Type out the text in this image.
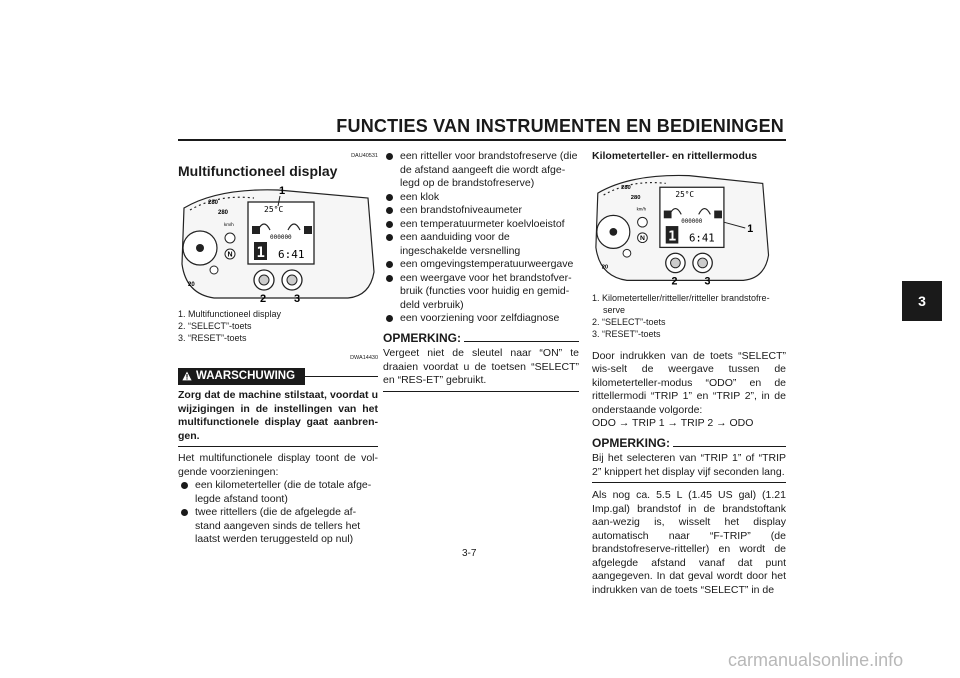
FUNCTIES VAN INSTRUMENTEN EN BEDIENINGEN
3
DAU40531
Multifunctioneel display
280
280
20
km/h
N
25°C
000000
1 6:41
1
2	3
1. Multifunctioneel display
2. “SELECT”-toets
3. “RESET”-toets
DWA14430
WAARSCHUWING

Zorg dat de machine stilstaat, voordat u wijzigingen in de instellingen van het multifunctionele display gaat aanbren-gen.

Het multifunctionele display toont de vol-gende voorzieningen:

een kilometerteller (die de totale afge-legde afstand toont)
twee rittellers (die de afgelegde af-stand aangeven sinds de tellers het laatst werden teruggesteld op nul)
een ritteller voor brandstofreserve (die de afstand aangeeft die wordt afge-legd op de brandstofreserve)
een klok
een brandstofniveaumeter
een temperatuurmeter koelvloeistof
een aanduiding voor de ingeschakelde versnelling
een omgevingstemperatuurweergave
een weergave voor het brandstofver-bruik (functies voor huidig en gemid-deld verbruik)
een voorziening voor zelfdiagnose
OPMERKING:

Vergeet niet de sleutel naar “ON” te draaien voordat u de toetsen “SELECT” en “RES-ET” gebruikt.

Kilometerteller- en rittellermodus
280
280
20
km/h
N
25°C
000000
1 6:41
1
2 3
1. Kilometerteller/ritteller/ritteller brandstofre-serve
2. “SELECT”-toets
3. “RESET”-toets

Door indrukken van de toets “SELECT” wis-selt de weergave tussen de kilometerteller-modus “ODO” en de rittellermodi “TRIP 1” en “TRIP 2”, in de onderstaande volgorde:

ODO → TRIP 1 → TRIP 2 → ODO

OPMERKING:

Bij het selecteren van “TRIP 1” of “TRIP 2” knippert het display vijf seconden lang.

Als nog ca. 5.5 L (1.45 US gal) (1.21 Imp.gal) brandstof in de brandstoftank aan-wezig is, wisselt het display automatisch naar “F-TRIP” (de brandstofreserve-ritteller) en wordt de afgelegde afstand vanaf dat punt aangegeven. In dat geval wordt door het indrukken van de toets “SELECT” in de

3-7
carmanualsonline.info
